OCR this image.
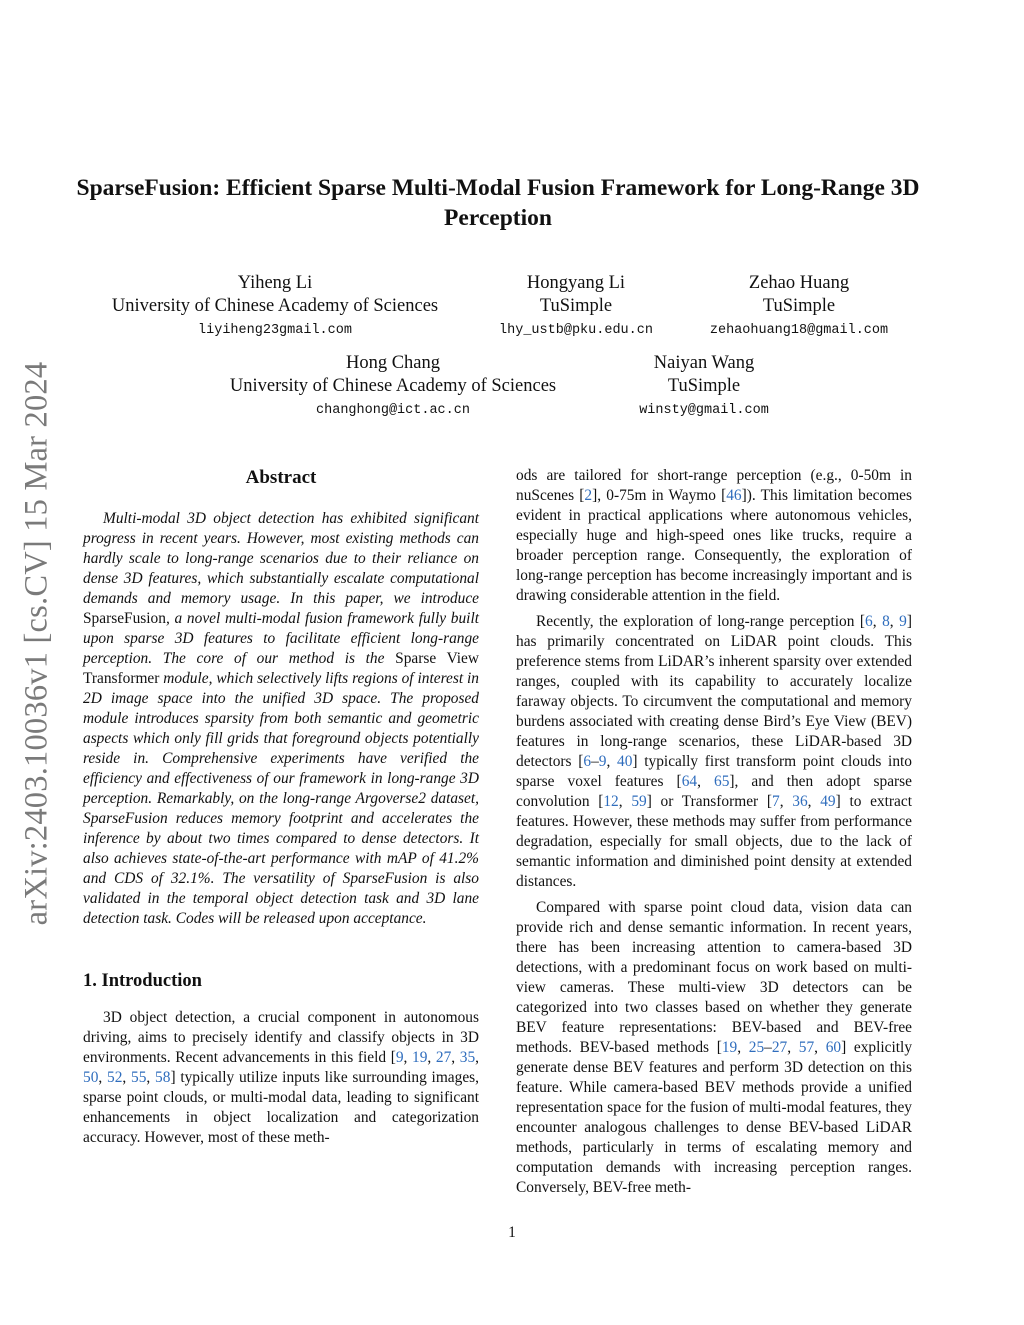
arXiv:2403.10036v1 [cs.CV] 15 Mar 2024
SparseFusion: Efficient Sparse Multi-Modal Fusion Framework for Long-Range 3D Perception
Yiheng Li
University of Chinese Academy of Sciences
liyiheng23gmail.com
Hongyang Li
TuSimple
lhy_ustb@pku.edu.cn
Zehao Huang
TuSimple
zehaohuang18@gmail.com
Hong Chang
University of Chinese Academy of Sciences
changhong@ict.ac.cn
Naiyan Wang
TuSimple
winsty@gmail.com
Abstract

Multi-modal 3D object detection has exhibited significant progress in recent years. However, most existing methods can hardly scale to long-range scenarios due to their reliance on dense 3D features, which substantially escalate computational demands and memory usage. In this paper, we introduce SparseFusion, a novel multi-modal fusion framework fully built upon sparse 3D features to facilitate efficient long-range perception. The core of our method is the Sparse View Transformer module, which selectively lifts regions of interest in 2D image space into the unified 3D space. The proposed module introduces sparsity from both semantic and geometric aspects which only fill grids that foreground objects potentially reside in. Comprehensive experiments have verified the efficiency and effectiveness of our framework in long-range 3D perception. Remarkably, on the long-range Argoverse2 dataset, SparseFusion reduces memory footprint and accelerates the inference by about two times compared to dense detectors. It also achieves state-of-the-art performance with mAP of 41.2% and CDS of 32.1%. The versatility of SparseFusion is also validated in the temporal object detection task and 3D lane detection task. Codes will be released upon acceptance.

1. Introduction

3D object detection, a crucial component in autonomous driving, aims to precisely identify and classify objects in 3D environments. Recent advancements in this field [9, 19, 27, 35, 50, 52, 55, 58] typically utilize inputs like surrounding images, sparse point clouds, or multi-modal data, leading to significant enhancements in object localization and categorization accuracy. However, most of these meth-

ods are tailored for short-range perception (e.g., 0-50m in nuScenes [2], 0-75m in Waymo [46]). This limitation becomes evident in practical applications where autonomous vehicles, especially huge and high-speed ones like trucks, require a broader perception range. Consequently, the exploration of long-range perception has become increasingly important and is drawing considerable attention in the field.

Recently, the exploration of long-range perception [6, 8, 9] has primarily concentrated on LiDAR point clouds. This preference stems from LiDAR’s inherent sparsity over extended ranges, coupled with its capability to accurately localize faraway objects. To circumvent the computational and memory burdens associated with creating dense Bird’s Eye View (BEV) features in long-range scenarios, these LiDAR-based 3D detectors [6–9, 40] typically first transform point clouds into sparse voxel features [64, 65], and then adopt sparse convolution [12, 59] or Transformer [7, 36, 49] to extract features. However, these methods may suffer from performance degradation, especially for small objects, due to the lack of semantic information and diminished point density at extended distances.

Compared with sparse point cloud data, vision data can provide rich and dense semantic information. In recent years, there has been increasing attention to camera-based 3D detections, with a predominant focus on work based on multi-view cameras. These multi-view 3D detectors can be categorized into two classes based on whether they generate BEV feature representations: BEV-based and BEV-free methods. BEV-based methods [19, 25–27, 57, 60] explicitly generate dense BEV features and perform 3D detection on this feature. While camera-based BEV methods provide a unified representation space for the fusion of multi-modal features, they encounter analogous challenges to dense BEV-based LiDAR methods, particularly in terms of escalating memory and computation demands with increasing perception ranges. Conversely, BEV-free meth-

1
